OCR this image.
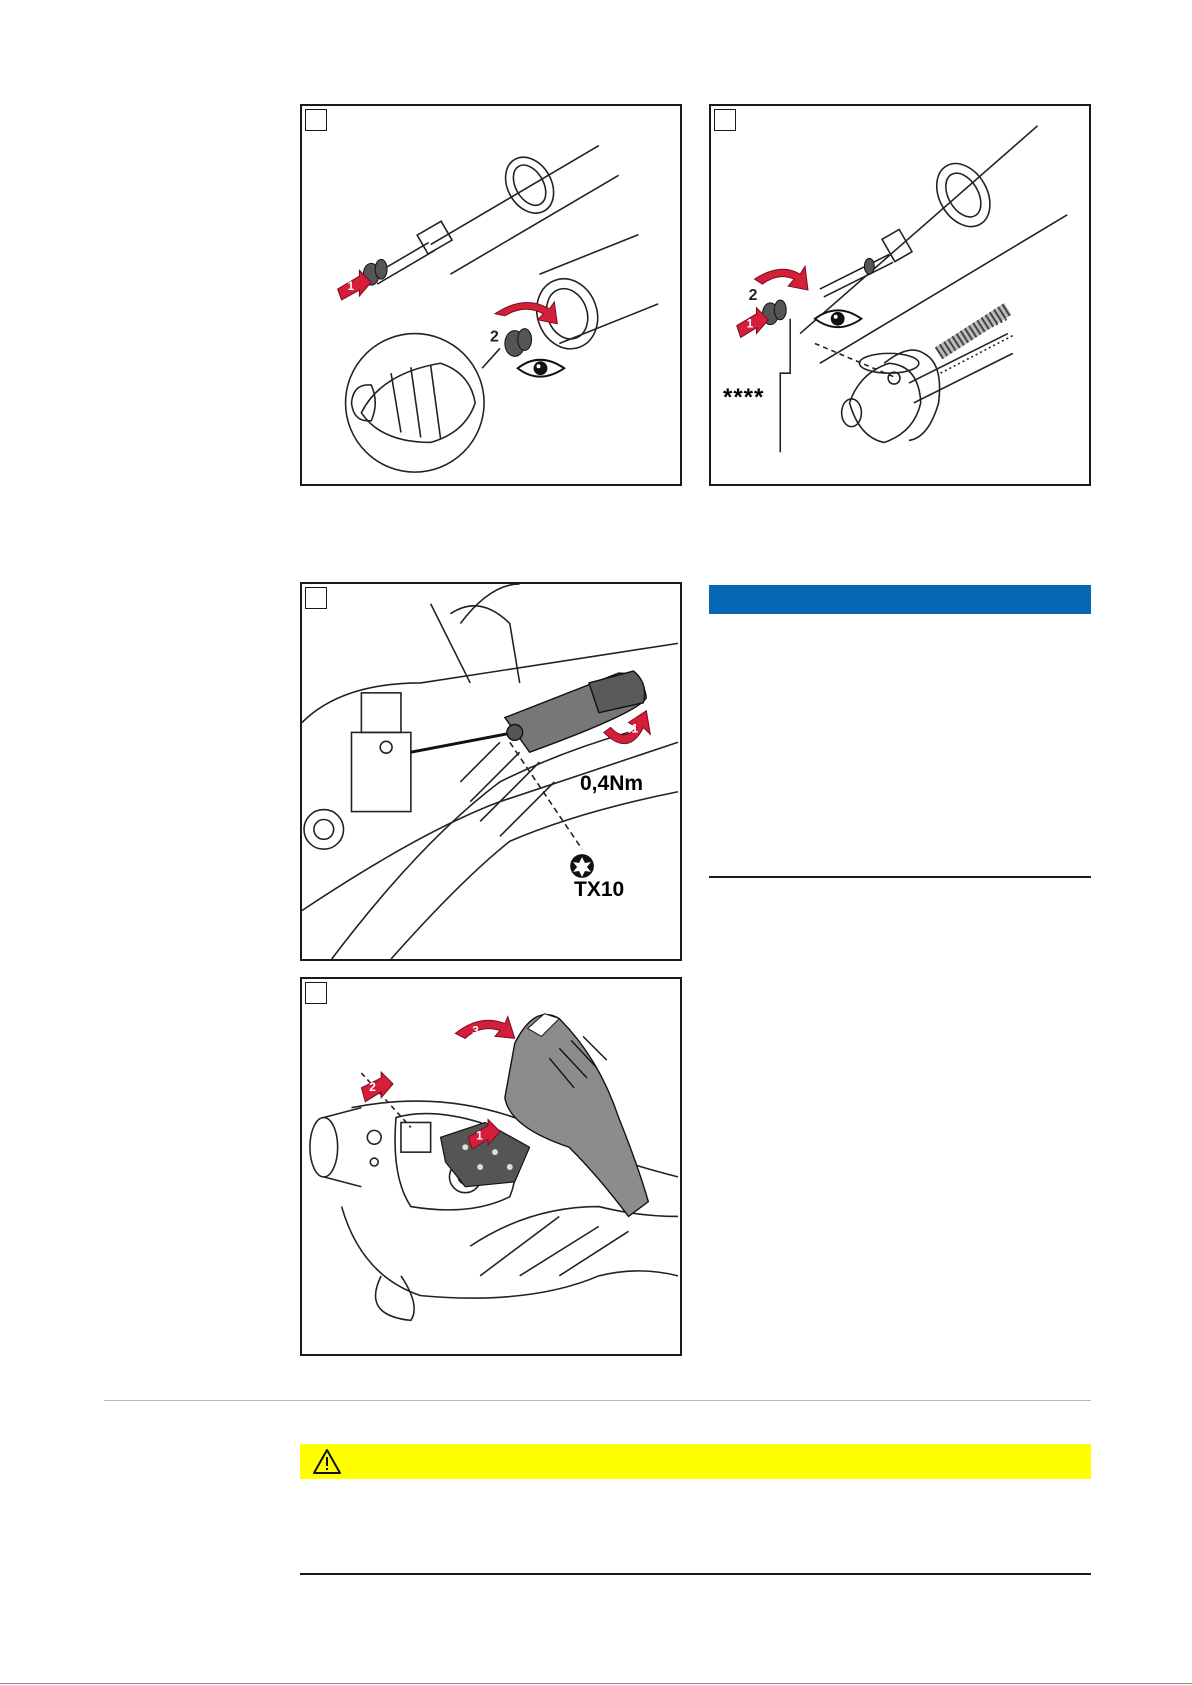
1
2
1
2
****
1
0,4Nm
TX10
1
2
3
